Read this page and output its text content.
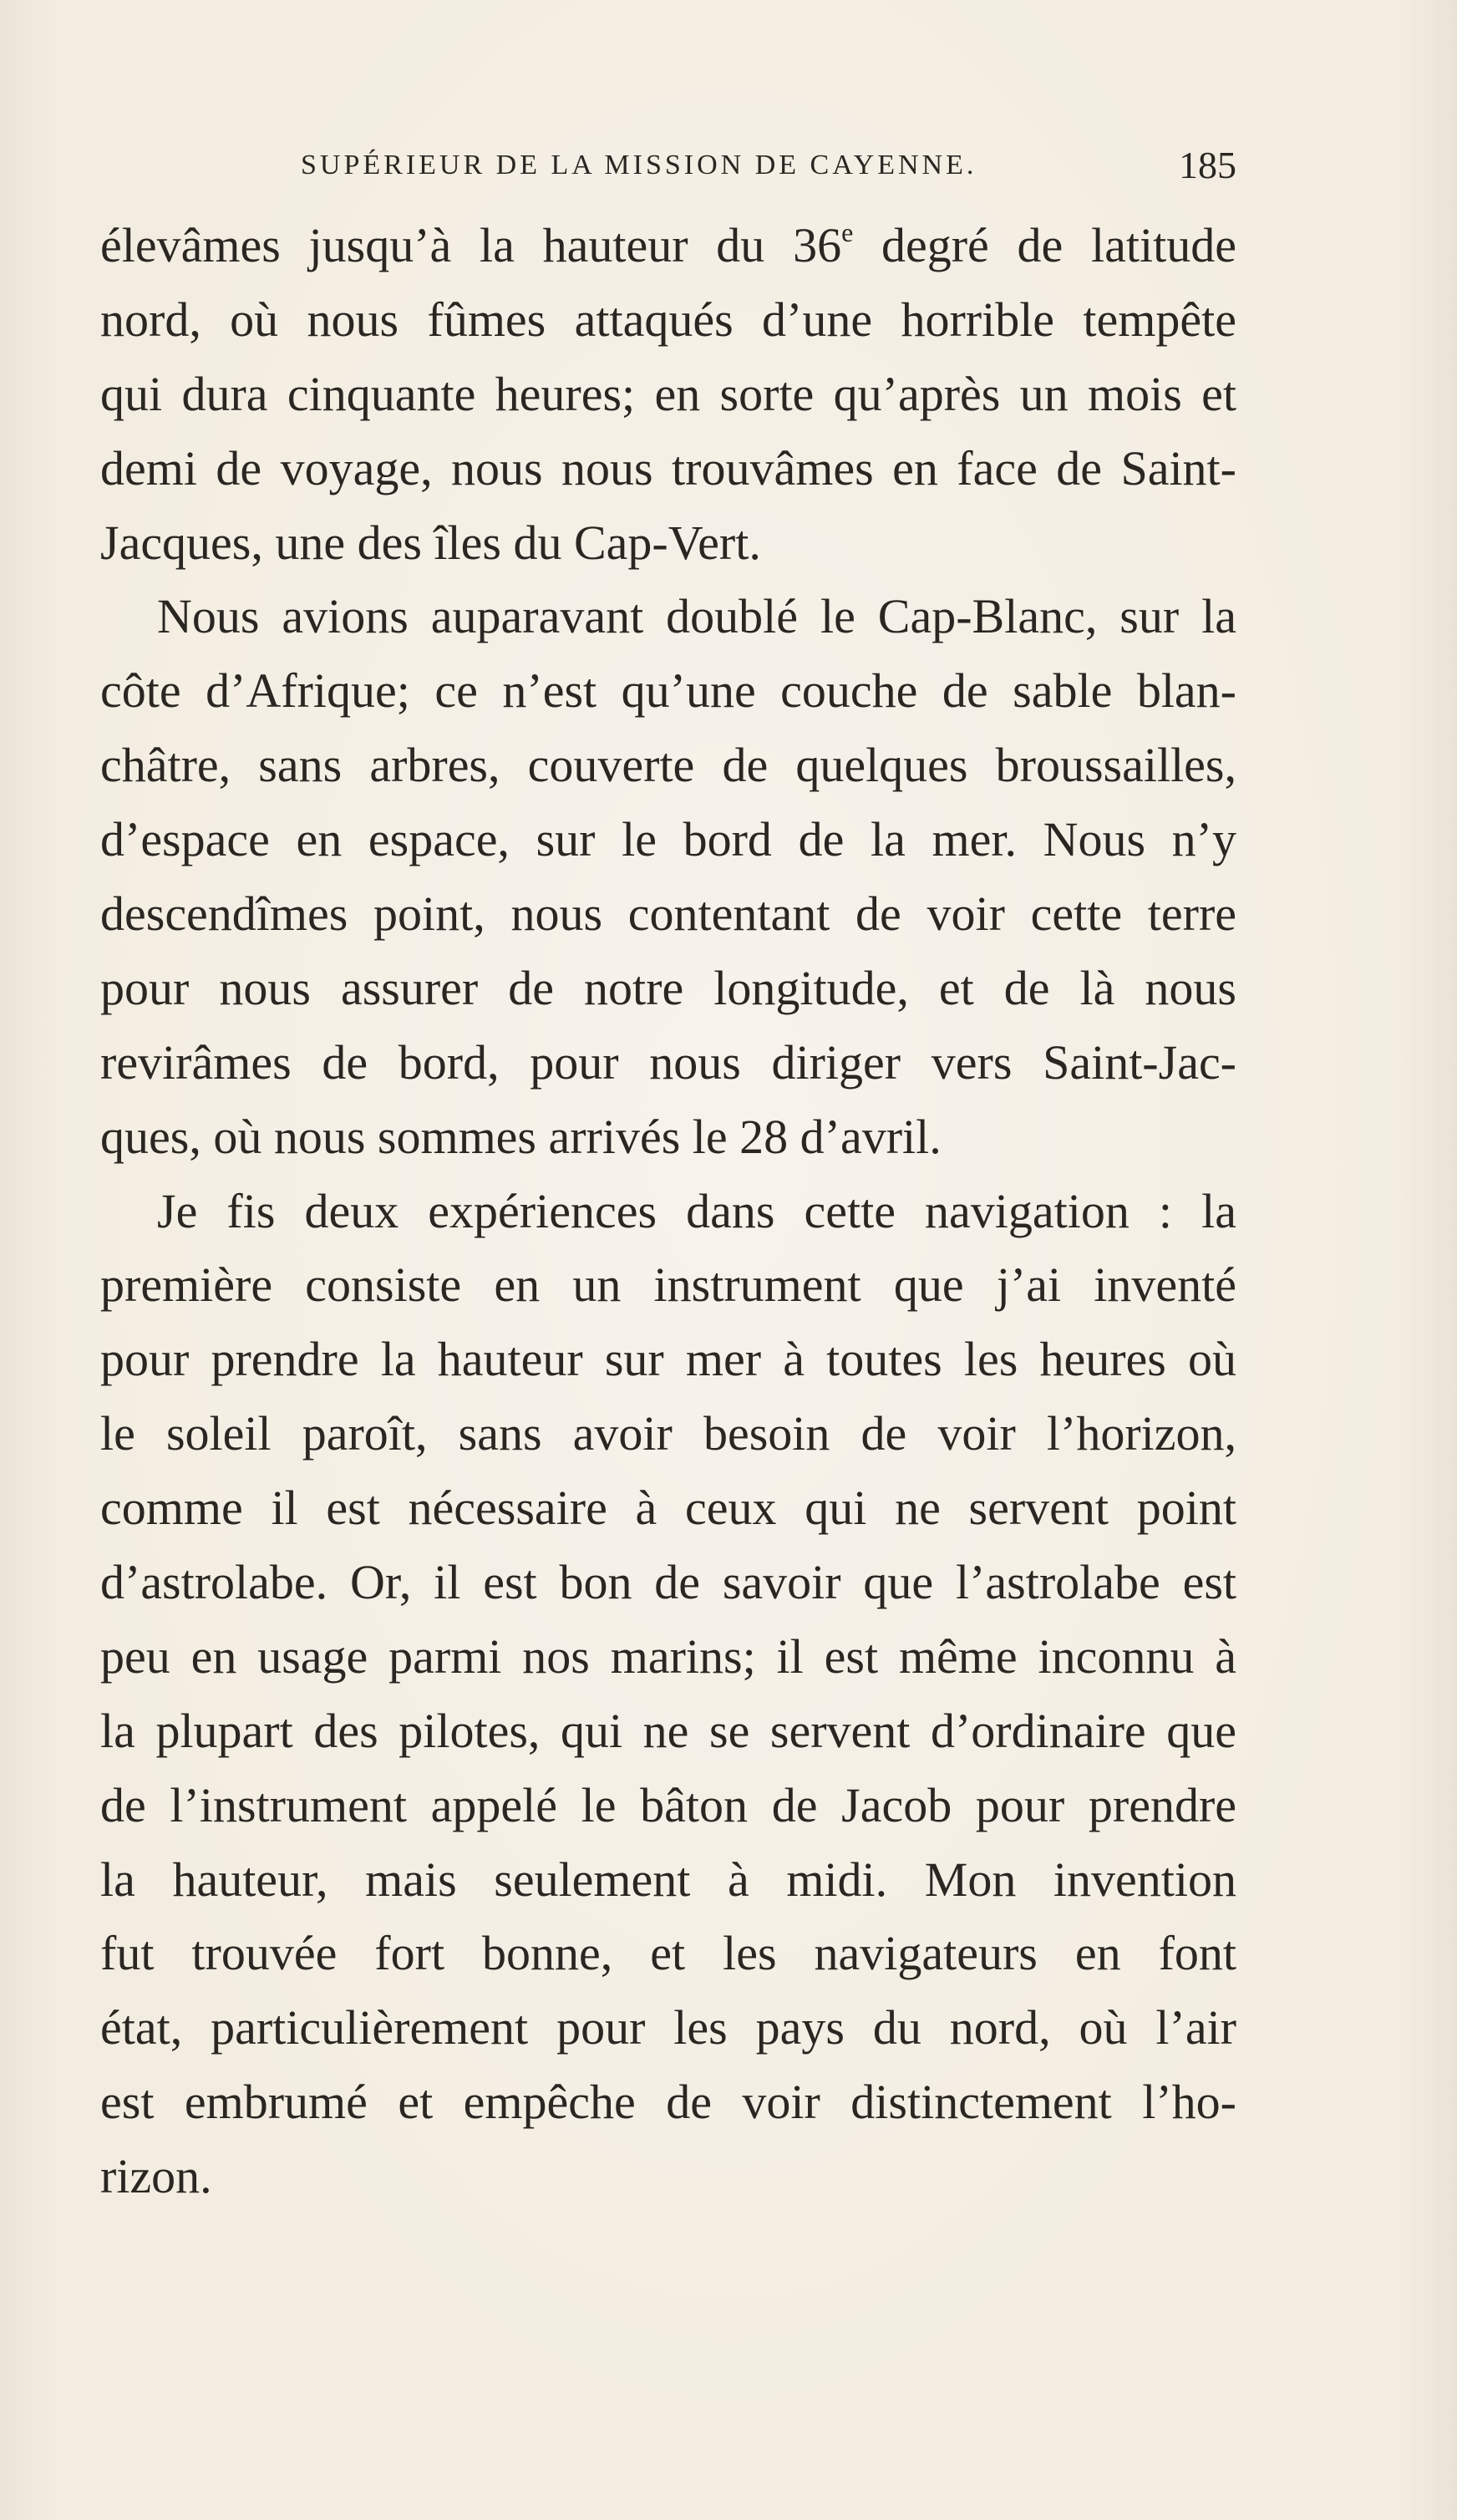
SUPÉRIEUR DE LA MISSION DE CAYENNE.	185
élevâmes jusqu’à la hauteur du 36e degré de latitude
nord, où nous fûmes attaqués d’une horrible tempête
qui dura cinquante heures; en sorte qu’après un mois et
demi de voyage, nous nous trouvâmes en face de Saint-
Jacques, une des îles du Cap-Vert.
Nous avions auparavant doublé le Cap-Blanc, sur la
côte d’Afrique; ce n’est qu’une couche de sable blan-
châtre, sans arbres, couverte de quelques broussailles,
d’espace en espace, sur le bord de la mer. Nous n’y
descendîmes point, nous contentant de voir cette terre
pour nous assurer de notre longitude, et de là nous
revirâmes de bord, pour nous diriger vers Saint-Jac-
ques, où nous sommes arrivés le 28 d’avril.
Je fis deux expériences dans cette navigation : la
première consiste en un instrument que j’ai inventé
pour prendre la hauteur sur mer à toutes les heures où
le soleil paroît, sans avoir besoin de voir l’horizon,
comme il est nécessaire à ceux qui ne servent point
d’astrolabe. Or, il est bon de savoir que l’astrolabe est
peu en usage parmi nos marins; il est même inconnu à
la plupart des pilotes, qui ne se servent d’ordinaire que
de l’instrument appelé le bâton de Jacob pour prendre
la hauteur, mais seulement à midi. Mon invention
fut trouvée fort bonne, et les navigateurs en font
état, particulièrement pour les pays du nord, où l’air
est embrumé et empêche de voir distinctement l’ho-
rizon.
